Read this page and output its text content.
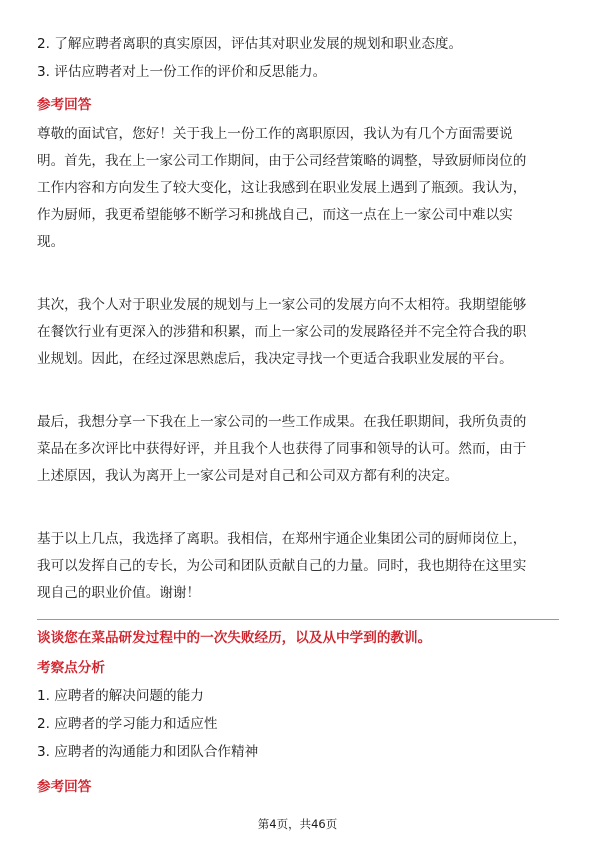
2. 了解应聘者离职的真实原因，评估其对职业发展的规划和职业态度。
3. 评估应聘者对上一份工作的评价和反思能力。
参考回答
尊敬的面试官，您好！关于我上一份工作的离职原因，我认为有几个方面需要说
明。首先，我在上一家公司工作期间，由于公司经营策略的调整，导致厨师岗位的
工作内容和方向发生了较大变化，这让我感到在职业发展上遇到了瓶颈。我认为，
作为厨师，我更希望能够不断学习和挑战自己，而这一点在上一家公司中难以实
现。
其次，我个人对于职业发展的规划与上一家公司的发展方向不太相符。我期望能够
在餐饮行业有更深入的涉猎和积累，而上一家公司的发展路径并不完全符合我的职
业规划。因此，在经过深思熟虑后，我决定寻找一个更适合我职业发展的平台。
最后，我想分享一下我在上一家公司的一些工作成果。在我任职期间，我所负责的
菜品在多次评比中获得好评，并且我个人也获得了同事和领导的认可。然而，由于
上述原因，我认为离开上一家公司是对自己和公司双方都有利的决定。
基于以上几点，我选择了离职。我相信，在郑州宇通企业集团公司的厨师岗位上，
我可以发挥自己的专长，为公司和团队贡献自己的力量。同时，我也期待在这里实
现自己的职业价值。谢谢！
谈谈您在菜品研发过程中的一次失败经历，以及从中学到的教训。
考察点分析
1. 应聘者的解决问题的能力
2. 应聘者的学习能力和适应性
3. 应聘者的沟通能力和团队合作精神
参考回答
第4页，共46页
